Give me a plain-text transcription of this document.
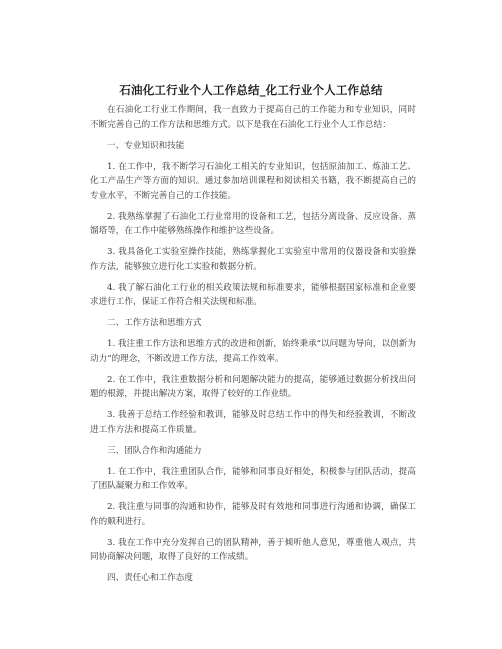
石油化工行业个人工作总结_化工行业个人工作总结

在石油化工行业工作期间，我一直致力于提高自己的工作能力和专业知识，同时不断完善自己的工作方法和思维方式。以下是我在石油化工行业个人工作总结：

一、专业知识和技能

1. 在工作中，我不断学习石油化工相关的专业知识，包括原油加工、炼油工艺、化工产品生产等方面的知识。通过参加培训课程和阅读相关书籍，我不断提高自己的专业水平，不断完善自己的工作技能。

2. 我熟练掌握了石油化工行业常用的设备和工艺，包括分离设备、反应设备、蒸馏塔等，在工作中能够熟练操作和维护这些设备。

3. 我具备化工实验室操作技能，熟练掌握化工实验室中常用的仪器设备和实验操作方法，能够独立进行化工实验和数据分析。

4. 我了解石油化工行业的相关政策法规和标准要求，能够根据国家标准和企业要求进行工作，保证工作符合相关法规和标准。

二、工作方法和思维方式

1. 我注重工作方法和思维方式的改进和创新，始终秉承“以问题为导向，以创新为动力”的理念，不断改进工作方法，提高工作效率。

2. 在工作中，我注重数据分析和问题解决能力的提高，能够通过数据分析找出问题的根源，并提出解决方案，取得了较好的工作业绩。

3. 我善于总结工作经验和教训，能够及时总结工作中的得失和经验教训，不断改进工作方法和提高工作质量。

三、团队合作和沟通能力

1. 在工作中，我注重团队合作，能够和同事良好相处，积极参与团队活动，提高了团队凝聚力和工作效率。

2. 我注重与同事的沟通和协作，能够及时有效地和同事进行沟通和协调，确保工作的顺利进行。

3. 我在工作中充分发挥自己的团队精神，善于倾听他人意见，尊重他人观点，共同协商解决问题，取得了良好的工作成绩。

四、责任心和工作态度
